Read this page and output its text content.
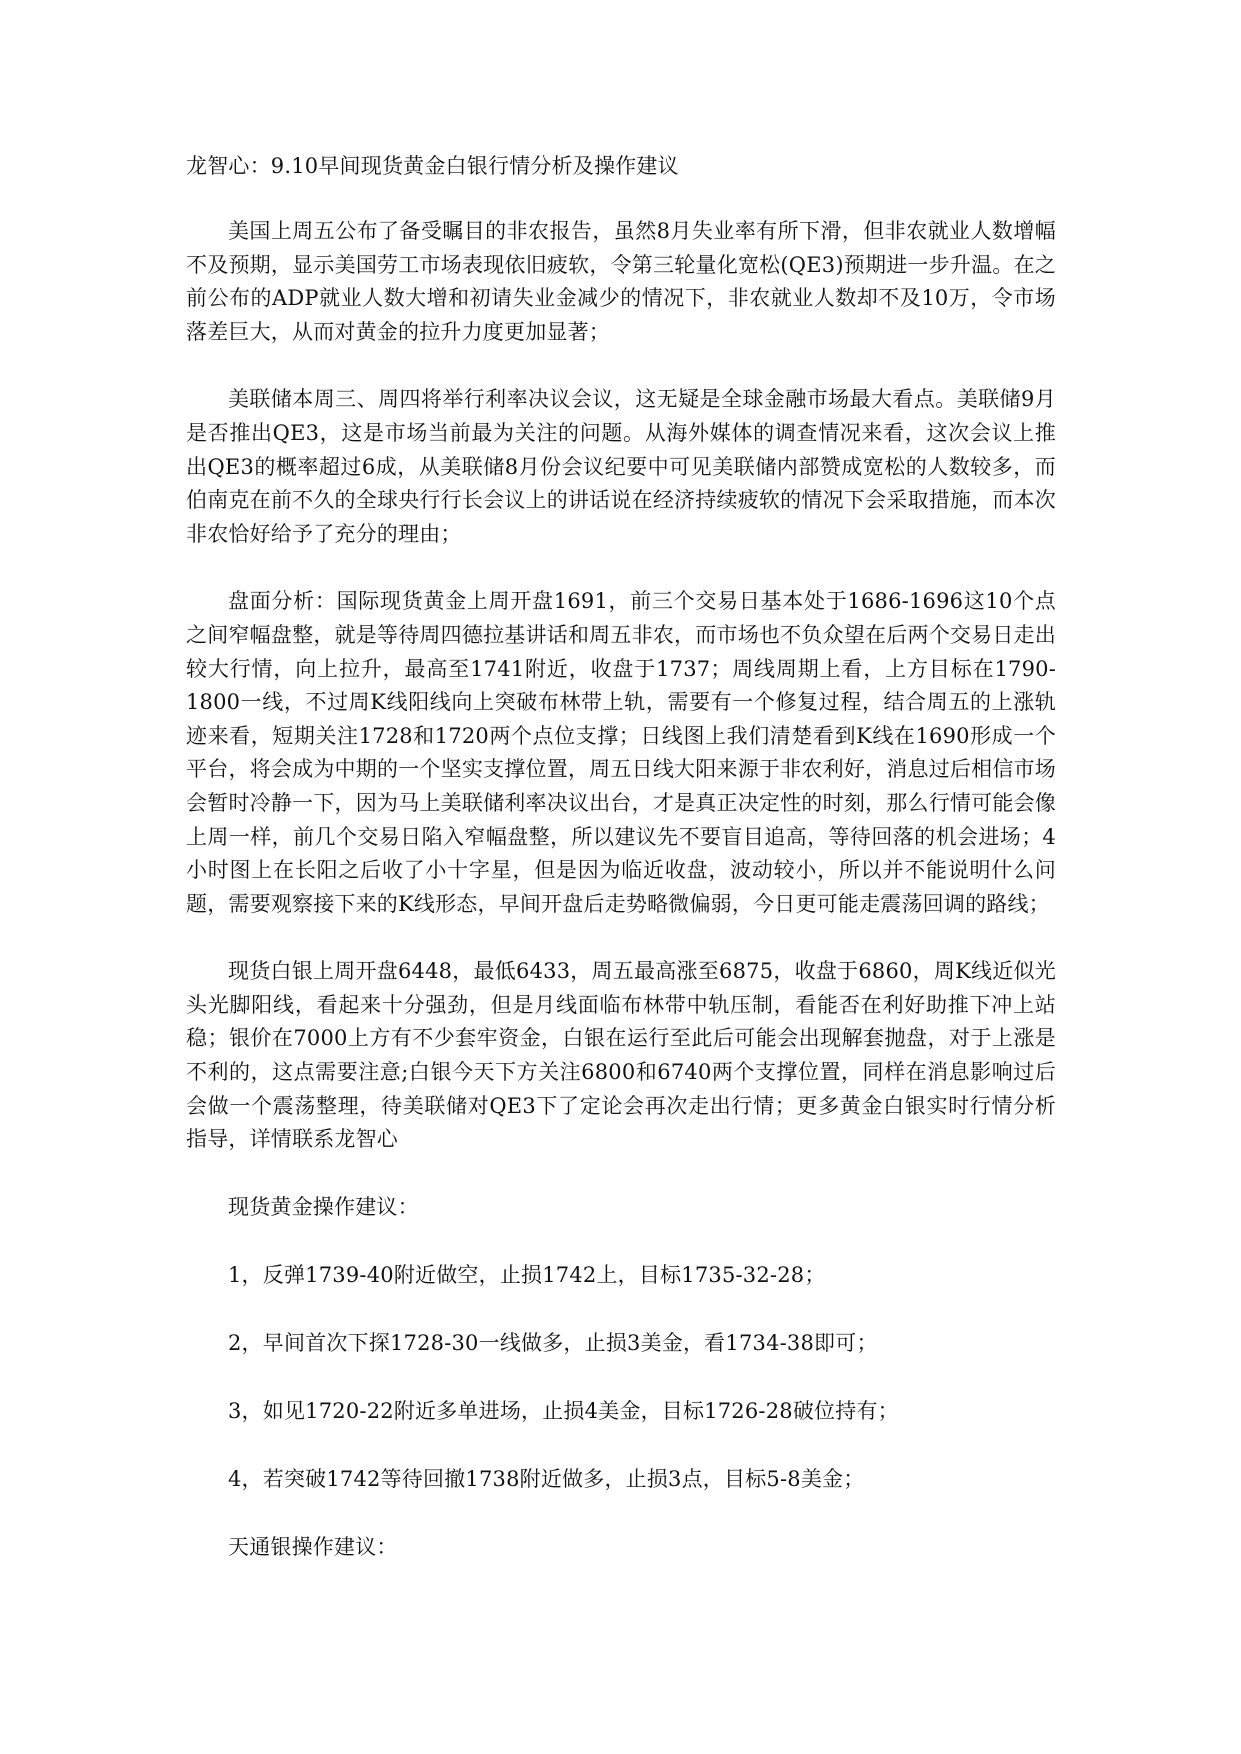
龙智心：9.10早间现货黄金白银行情分析及操作建议

美国上周五公布了备受瞩目的非农报告，虽然8月失业率有所下滑，但非农就业人数增幅不及预期，显示美国劳工市场表现依旧疲软，令第三轮量化宽松(QE3)预期进一步升温。在之前公布的ADP就业人数大增和初请失业金减少的情况下，非农就业人数却不及10万，令市场落差巨大，从而对黄金的拉升力度更加显著；

美联储本周三、周四将举行利率决议会议，这无疑是全球金融市场最大看点。美联储9月是否推出QE3，这是市场当前最为关注的问题。从海外媒体的调查情况来看，这次会议上推出QE3的概率超过6成，从美联储8月份会议纪要中可见美联储内部赞成宽松的人数较多，而伯南克在前不久的全球央行行长会议上的讲话说在经济持续疲软的情况下会采取措施，而本次非农恰好给予了充分的理由；

盘面分析：国际现货黄金上周开盘1691，前三个交易日基本处于1686-1696这10个点之间窄幅盘整，就是等待周四德拉基讲话和周五非农，而市场也不负众望在后两个交易日走出较大行情，向上拉升，最高至1741附近，收盘于1737；周线周期上看，上方目标在1790-1800一线，不过周K线阳线向上突破布林带上轨，需要有一个修复过程，结合周五的上涨轨迹来看，短期关注1728和1720两个点位支撑；日线图上我们清楚看到K线在1690形成一个平台，将会成为中期的一个坚实支撑位置，周五日线大阳来源于非农利好，消息过后相信市场会暂时冷静一下，因为马上美联储利率决议出台，才是真正决定性的时刻，那么行情可能会像上周一样，前几个交易日陷入窄幅盘整，所以建议先不要盲目追高，等待回落的机会进场；4小时图上在长阳之后收了小十字星，但是因为临近收盘，波动较小，所以并不能说明什么问题，需要观察接下来的K线形态，早间开盘后走势略微偏弱，今日更可能走震荡回调的路线；

现货白银上周开盘6448，最低6433，周五最高涨至6875，收盘于6860，周K线近似光头光脚阳线，看起来十分强劲，但是月线面临布林带中轨压制，看能否在利好助推下冲上站稳；银价在7000上方有不少套牢资金，白银在运行至此后可能会出现解套抛盘，对于上涨是不利的，这点需要注意;白银今天下方关注6800和6740两个支撑位置，同样在消息影响过后会做一个震荡整理，待美联储对QE3下了定论会再次走出行情；更多黄金白银实时行情分析指导，详情联系龙智心

现货黄金操作建议：
1，反弹1739-40附近做空，止损1742上，目标1735-32-28；
2，早间首次下探1728-30一线做多，止损3美金，看1734-38即可；
3，如见1720-22附近多单进场，止损4美金，目标1726-28破位持有；
4，若突破1742等待回撤1738附近做多，止损3点，目标5-8美金；
天通银操作建议：
